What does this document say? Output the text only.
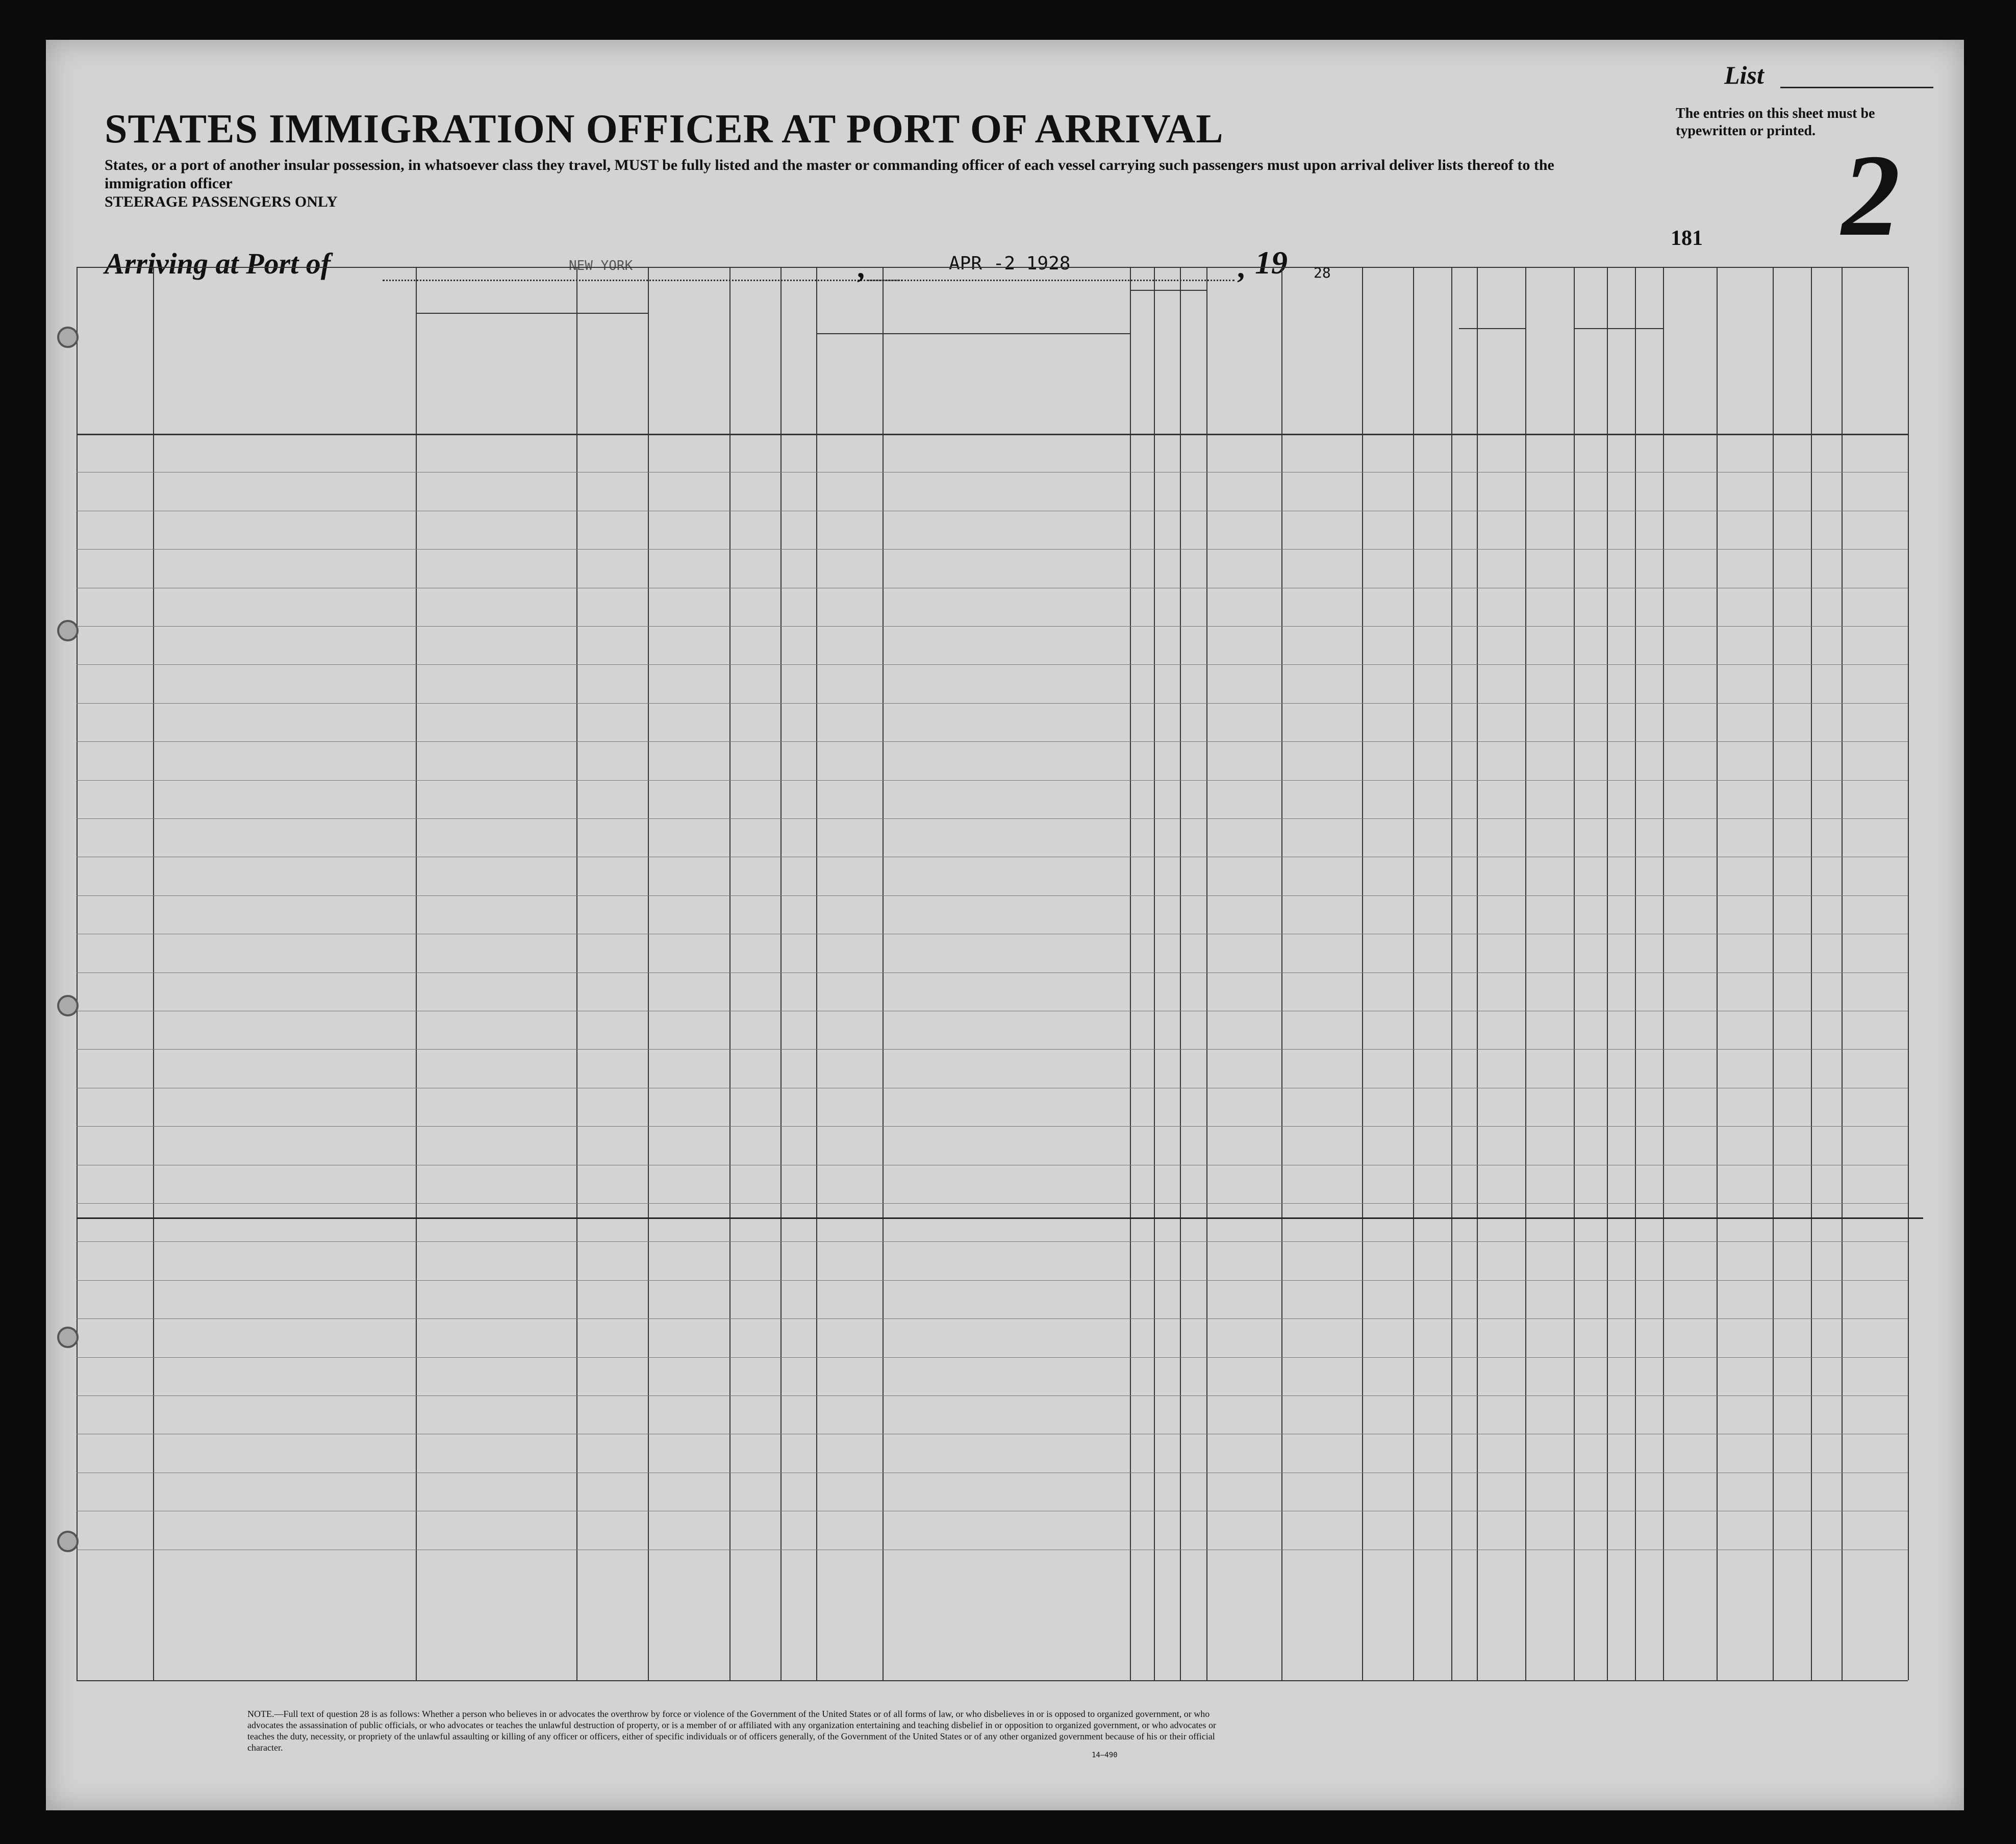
List
The entries on this sheet must be typewritten or printed. 2
STATES IMMIGRATION OFFICER AT PORT OF ARRIVAL
States, or a port of another insular possession, in whatsoever class they travel, MUST be fully listed and the master or commanding officer of each vessel carrying such passengers must upon arrival deliver lists thereof to the immigration officer
STEERAGE PASSENGERS ONLY
181
Arriving at Port of	NEW YORK	,	APR -2 1928	, 19 28
NOTE.—Full text of question 28 is as follows: Whether a person who believes in or advocates the overthrow by force or violence of the Government of the United States or of all forms of law, or who disbelieves in or is opposed to organized government, or who advocates the assassination of public officials, or who advocates or teaches the unlawful destruction of property, or is a member of or affiliated with any organization entertaining and teaching disbelief in or opposition to organized government, or who advocates or teaches the duty, necessity, or propriety of the unlawful assaulting or killing of any officer or officers, either of specific individuals or of officers generally, of the Government of the United States or of any other organized government because of his or their official character.
14—490
